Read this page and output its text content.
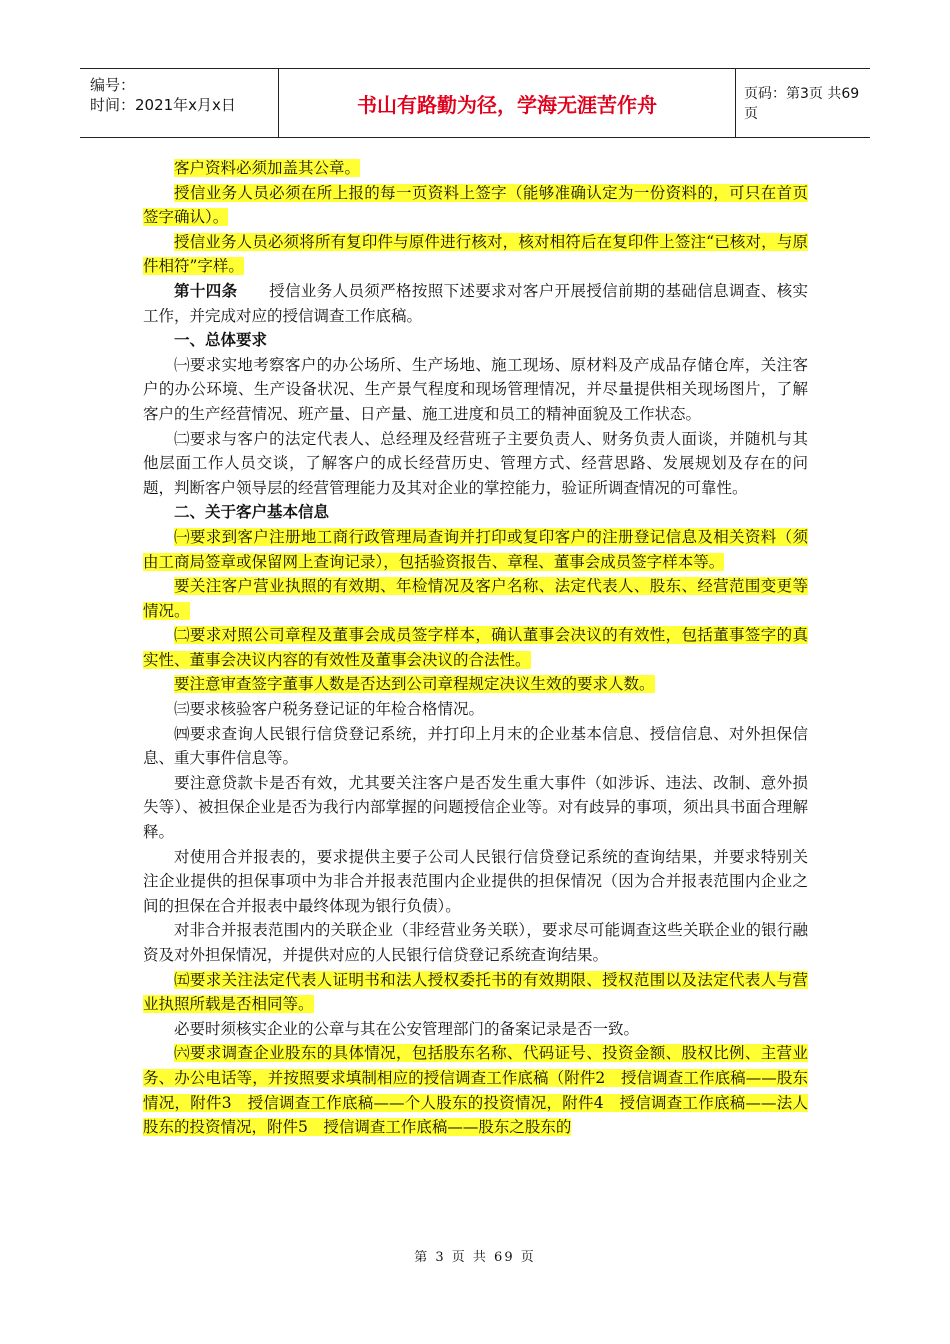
编号：
时间：2021年x月x日	书山有路勤为径，学海无涯苦作舟	页码：第3页 共69页

客户资料必须加盖其公章。

授信业务人员必须在所上报的每一页资料上签字（能够准确认定为一份资料的，可只在首页签字确认）。

授信业务人员必须将所有复印件与原件进行核对，核对相符后在复印件上签注“已核对，与原件相符”字样。

第十四条　　授信业务人员须严格按照下述要求对客户开展授信前期的基础信息调查、核实工作，并完成对应的授信调查工作底稿。

一、总体要求

㈠要求实地考察客户的办公场所、生产场地、施工现场、原材料及产成品存储仓库，关注客户的办公环境、生产设备状况、生产景气程度和现场管理情况，并尽量提供相关现场图片，了解客户的生产经营情况、班产量、日产量、施工进度和员工的精神面貌及工作状态。

㈡要求与客户的法定代表人、总经理及经营班子主要负责人、财务负责人面谈，并随机与其他层面工作人员交谈，了解客户的成长经营历史、管理方式、经营思路、发展规划及存在的问题，判断客户领导层的经营管理能力及其对企业的掌控能力，验证所调查情况的可靠性。

二、关于客户基本信息

㈠要求到客户注册地工商行政管理局查询并打印或复印客户的注册登记信息及相关资料（须由工商局签章或保留网上查询记录），包括验资报告、章程、董事会成员签字样本等。

要关注客户营业执照的有效期、年检情况及客户名称、法定代表人、股东、经营范围变更等情况。

㈡要求对照公司章程及董事会成员签字样本，确认董事会决议的有效性，包括董事签字的真实性、董事会决议内容的有效性及董事会决议的合法性。

要注意审查签字董事人数是否达到公司章程规定决议生效的要求人数。

㈢要求核验客户税务登记证的年检合格情况。

㈣要求查询人民银行信贷登记系统，并打印上月末的企业基本信息、授信信息、对外担保信息、重大事件信息等。

要注意贷款卡是否有效，尤其要关注客户是否发生重大事件（如涉诉、违法、改制、意外损失等）、被担保企业是否为我行内部掌握的问题授信企业等。对有歧异的事项，须出具书面合理解释。

对使用合并报表的，要求提供主要子公司人民银行信贷登记系统的查询结果，并要求特别关注企业提供的担保事项中为非合并报表范围内企业提供的担保情况（因为合并报表范围内企业之间的担保在合并报表中最终体现为银行负债）。

对非合并报表范围内的关联企业（非经营业务关联），要求尽可能调查这些关联企业的银行融资及对外担保情况，并提供对应的人民银行信贷登记系统查询结果。

㈤要求关注法定代表人证明书和法人授权委托书的有效期限、授权范围以及法定代表人与营业执照所载是否相同等。

必要时须核实企业的公章与其在公安管理部门的备案记录是否一致。

㈥要求调查企业股东的具体情况，包括股东名称、代码证号、投资金额、股权比例、主营业务、办公电话等，并按照要求填制相应的授信调查工作底稿（附件2　授信调查工作底稿——股东情况，附件3　授信调查工作底稿——个人股东的投资情况，附件4　授信调查工作底稿——法人股东的投资情况，附件5　授信调查工作底稿——股东之股东的

第 3 页 共 69 页
